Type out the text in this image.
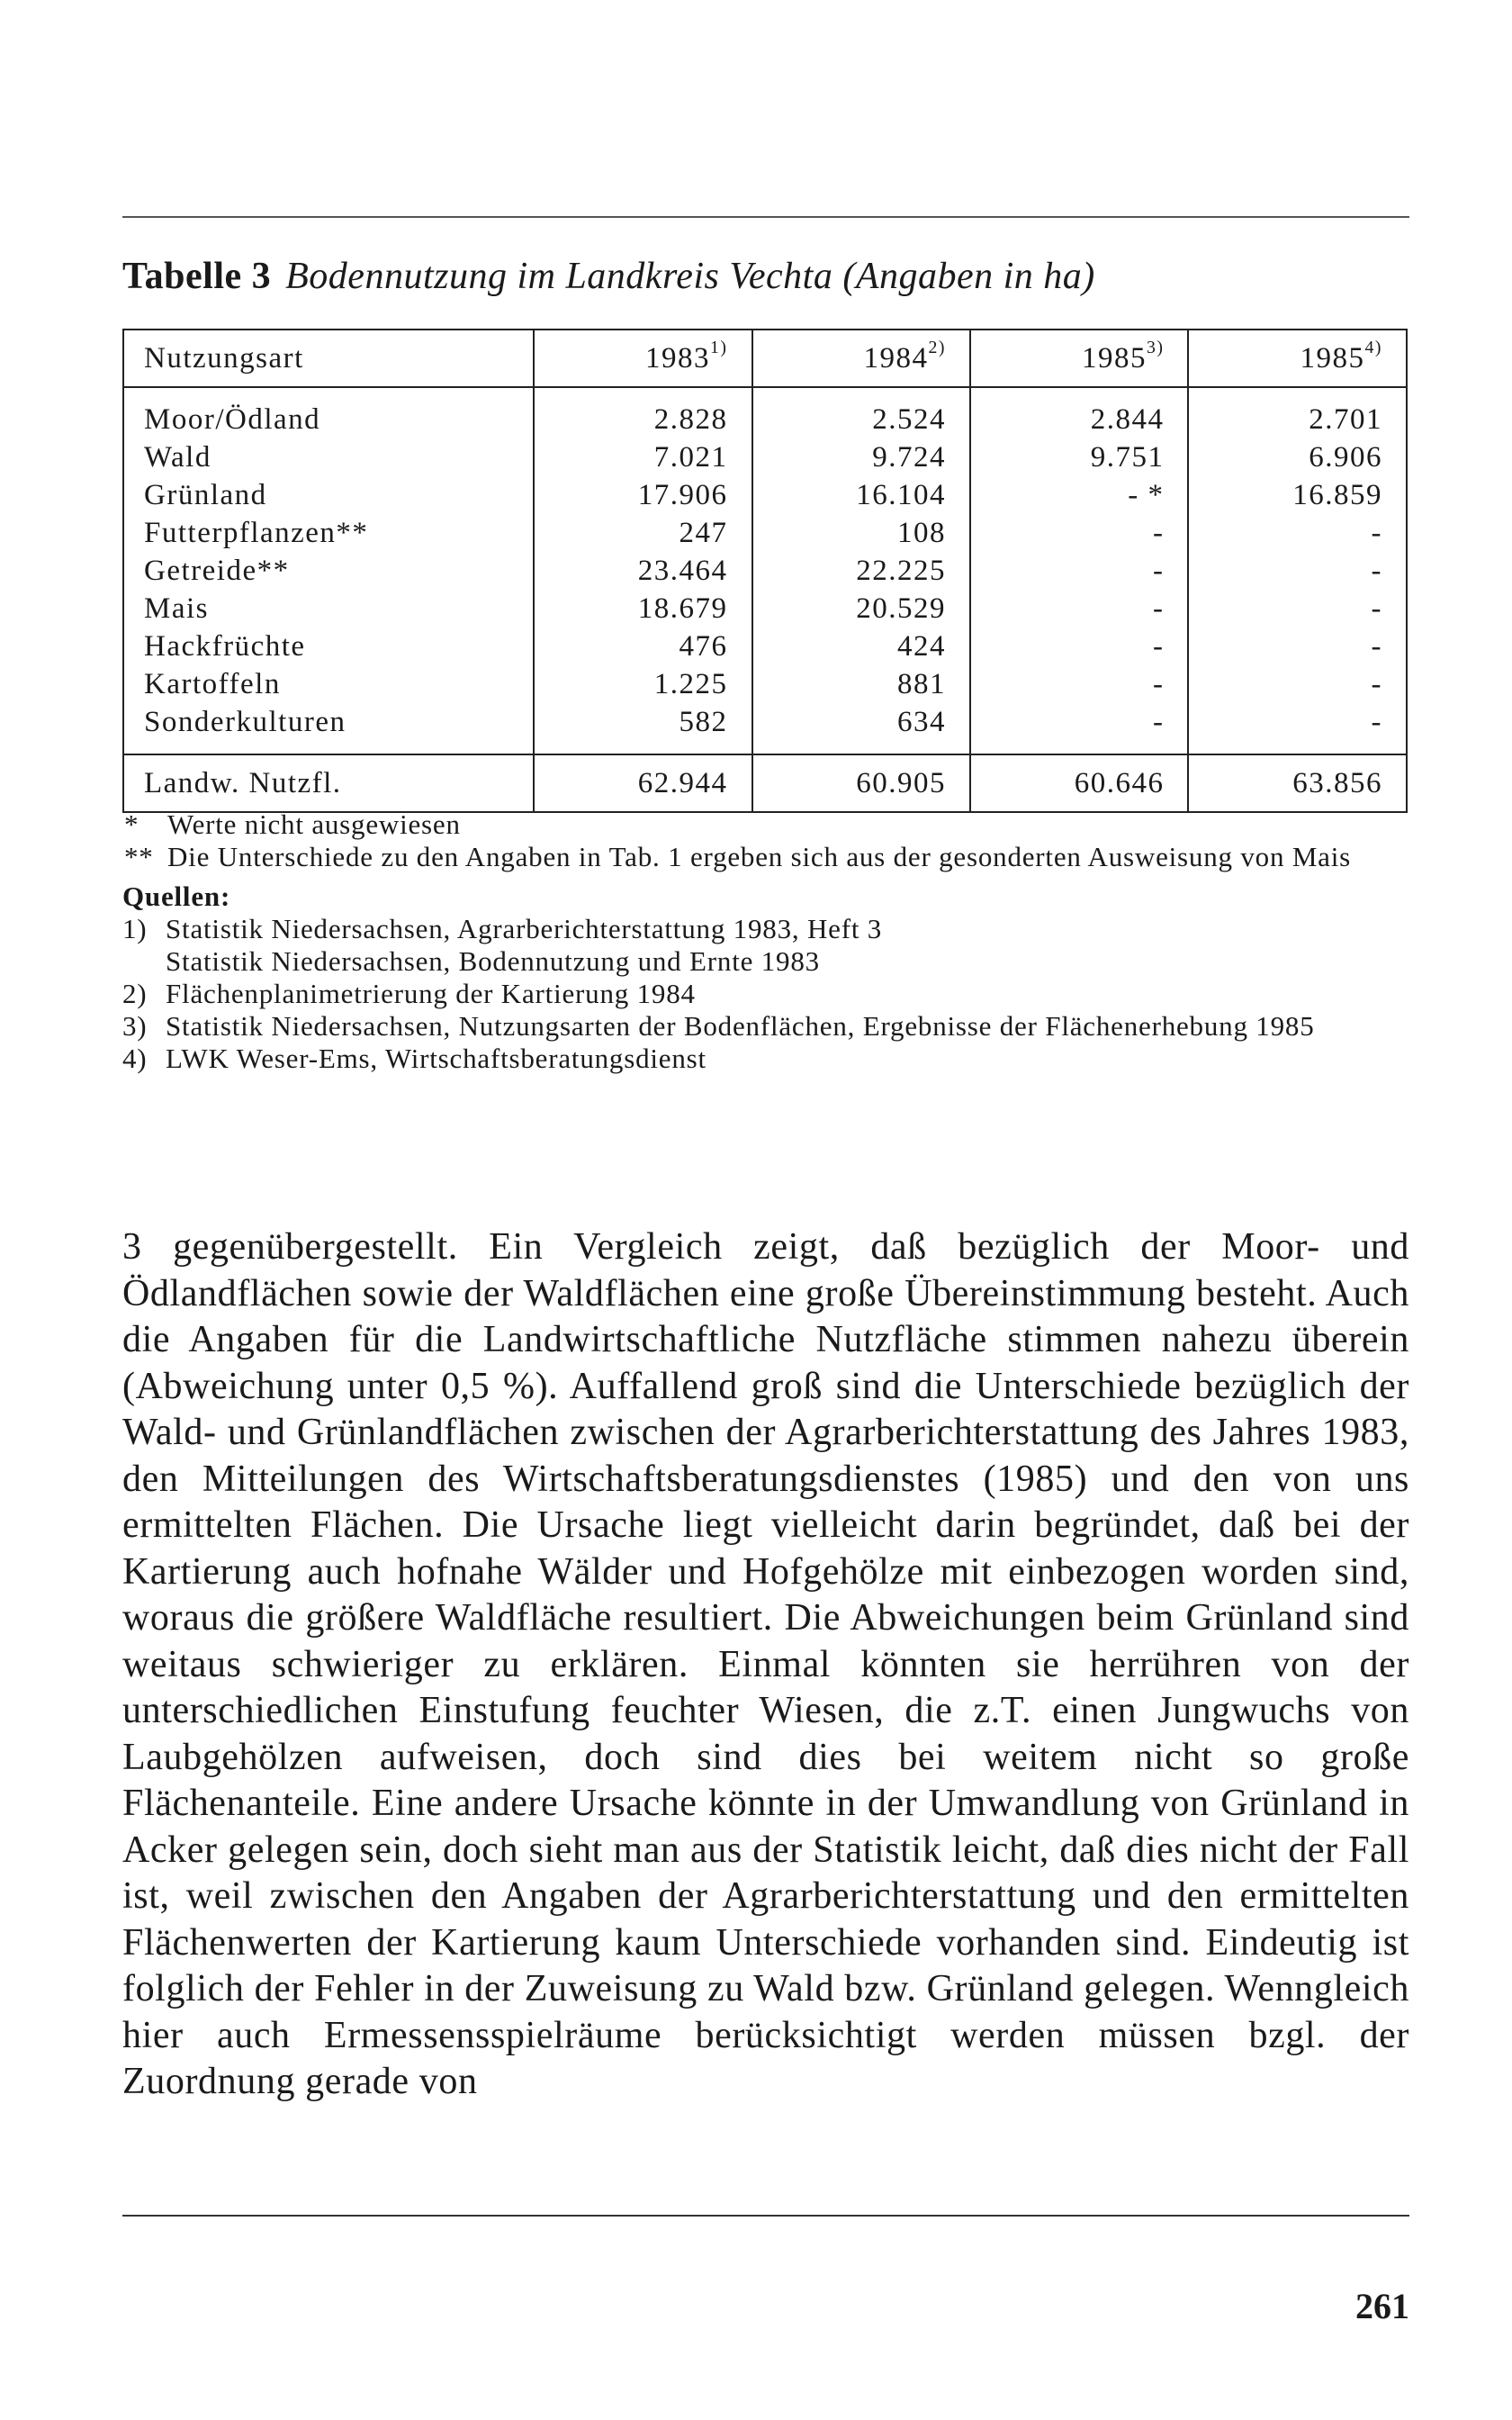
Tabelle 3 Bodennutzung im Landkreis Vechta (Angaben in ha)
Nutzungsart	1983$^{1)}$	1984$^{2)}$	1985$^{3)}$	1985$^{4)}$
Moor/Ödland	2.828	2.524	2.844	2.701
Wald	7.021	9.724	9.751	6.906
Grünland	17.906	16.104	- *	16.859
Futterpflanzen**	247	108	-	-
Getreide**	23.464	22.225	-	-
Mais	18.679	20.529	-	-
Hackfrüchte	476	424	-	-
Kartoffeln	1.225	881	-	-
Sonderkulturen	582	634	-	-
Landw. Nutzfl.	62.944	60.905	60.646	63.856
*	Werte nicht ausgewiesen
** Die Unterschiede zu den Angaben in Tab. 1 ergeben sich aus der gesonderten Ausweisung von Mais
Quellen:
1) Statistik Niedersachsen, Agrarberichterstattung 1983, Heft 3
Statistik Niedersachsen, Bodennutzung und Ernte 1983
2) Flächenplanimetrierung der Kartierung 1984
3) Statistik Niedersachsen, Nutzungsarten der Bodenflächen, Ergebnisse der Flächenerhebung 1985
4) LWK Weser-Ems, Wirtschaftsberatungsdienst

3 gegenübergestellt. Ein Vergleich zeigt, daß bezüglich der Moor- und Ödlandflächen sowie der Waldflächen eine große Übereinstimmung besteht. Auch die Angaben für die Landwirtschaftliche Nutzfläche stimmen nahezu überein (Abweichung unter 0,5 %). Auffallend groß sind die Unterschiede bezüglich der Wald- und Grünlandflächen zwischen der Agrarberichterstattung des Jahres 1983, den Mitteilungen des Wirtschaftsberatungsdienstes (1985) und den von uns ermittelten Flächen. Die Ursache liegt vielleicht darin begründet, daß bei der Kartierung auch hofnahe Wälder und Hofgehölze mit einbezogen worden sind, woraus die größere Waldfläche resultiert. Die Abweichungen beim Grünland sind weitaus schwieriger zu erklären. Einmal könnten sie herrühren von der unterschiedlichen Einstufung feuchter Wiesen, die z.T. einen Jungwuchs von Laubgehölzen aufweisen, doch sind dies bei weitem nicht so große Flächenanteile. Eine andere Ursache könnte in der Umwandlung von Grünland in Acker gelegen sein, doch sieht man aus der Statistik leicht, daß dies nicht der Fall ist, weil zwischen den Angaben der Agrarberichterstattung und den ermittelten Flächenwerten der Kartierung kaum Unterschiede vorhanden sind. Eindeutig ist folglich der Fehler in der Zuweisung zu Wald bzw. Grünland gelegen. Wenngleich hier auch Ermessensspielräume berücksichtigt werden müssen bzgl. der Zuordnung gerade von

261
